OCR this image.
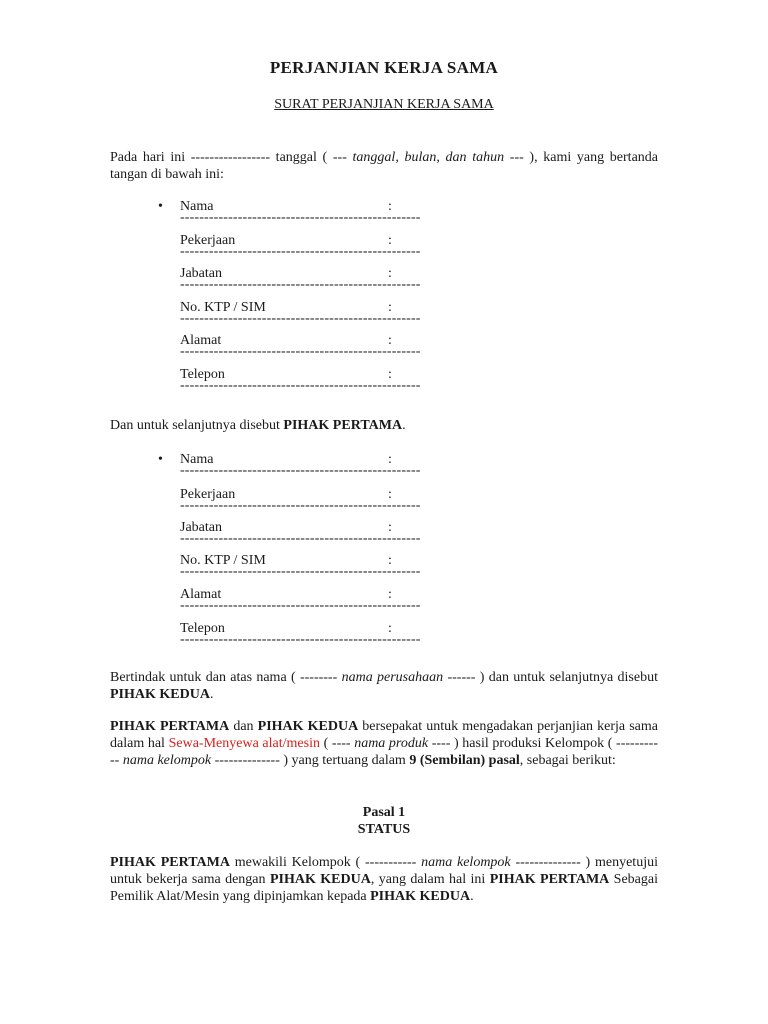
PERJANJIAN KERJA SAMA
SURAT PERJANJIAN KERJA SAMA
Pada hari ini ----------------- tanggal ( --- tanggal, bulan, dan tahun --- ), kami yang bertanda tangan di bawah ini:
• Nama	:
--------------------------------------------------
Pekerjaan	:
--------------------------------------------------
Jabatan	:
--------------------------------------------------
No. KTP / SIM	:
--------------------------------------------------
Alamat	:
--------------------------------------------------
Telepon	:
--------------------------------------------------
Dan untuk selanjutnya disebut PIHAK PERTAMA.
• Nama	:
--------------------------------------------------
Pekerjaan	:
--------------------------------------------------
Jabatan	:
--------------------------------------------------
No. KTP / SIM	:
--------------------------------------------------
Alamat	:
--------------------------------------------------
Telepon	:
--------------------------------------------------
Bertindak untuk dan atas nama ( -------- nama perusahaan ------ ) dan untuk selanjutnya disebut PIHAK KEDUA.
PIHAK PERTAMA dan PIHAK KEDUA bersepakat untuk mengadakan perjanjian kerja sama dalam hal Sewa-Menyewa alat/mesin ( ---- nama produk ---- ) hasil produksi Kelompok ( ----------- nama kelompok -------------- ) yang tertuang dalam 9 (Sembilan) pasal, sebagai berikut:
Pasal 1
STATUS
PIHAK PERTAMA mewakili Kelompok ( ----------- nama kelompok -------------- ) menyetujui untuk bekerja sama dengan PIHAK KEDUA, yang dalam hal ini PIHAK PERTAMA Sebagai Pemilik Alat/Mesin yang dipinjamkan kepada PIHAK KEDUA.
